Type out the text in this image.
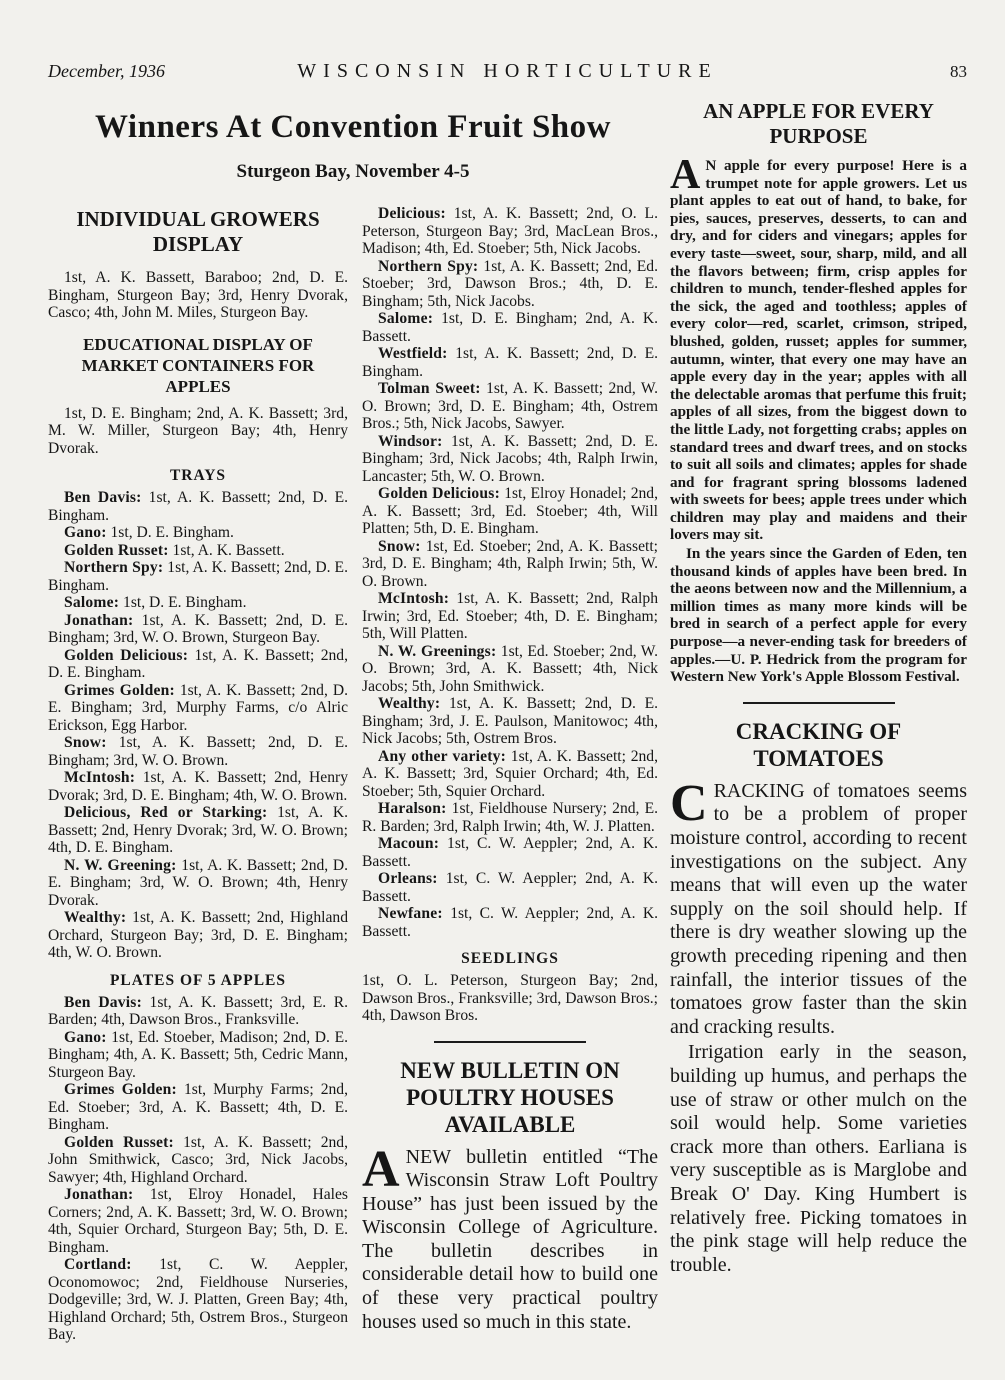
December, 1936	WISCONSIN HORTICULTURE	83
Winners At Convention Fruit Show
Sturgeon Bay, November 4-5
INDIVIDUAL GROWERS DISPLAY

1st, A. K. Bassett, Baraboo; 2nd, D. E. Bingham, Sturgeon Bay; 3rd, Henry Dvorak, Casco; 4th, John M. Miles, Sturgeon Bay.

EDUCATIONAL DISPLAY OF MARKET CONTAINERS FOR APPLES

1st, D. E. Bingham; 2nd, A. K. Bassett; 3rd, M. W. Miller, Sturgeon Bay; 4th, Henry Dvorak.

TRAYS

Ben Davis: 1st, A. K. Bassett; 2nd, D. E. Bingham.

Gano: 1st, D. E. Bingham.

Golden Russet: 1st, A. K. Bassett.

Northern Spy: 1st, A. K. Bassett; 2nd, D. E. Bingham.

Salome: 1st, D. E. Bingham.

Jonathan: 1st, A. K. Bassett; 2nd, D. E. Bingham; 3rd, W. O. Brown, Sturgeon Bay.

Golden Delicious: 1st, A. K. Bassett; 2nd, D. E. Bingham.

Grimes Golden: 1st, A. K. Bassett; 2nd, D. E. Bingham; 3rd, Murphy Farms, c/o Alric Erickson, Egg Harbor.

Snow: 1st, A. K. Bassett; 2nd, D. E. Bingham; 3rd, W. O. Brown.

McIntosh: 1st, A. K. Bassett; 2nd, Henry Dvorak; 3rd, D. E. Bingham; 4th, W. O. Brown.

Delicious, Red or Starking: 1st, A. K. Bassett; 2nd, Henry Dvorak; 3rd, W. O. Brown; 4th, D. E. Bingham.

N. W. Greening: 1st, A. K. Bassett; 2nd, D. E. Bingham; 3rd, W. O. Brown; 4th, Henry Dvorak.

Wealthy: 1st, A. K. Bassett; 2nd, Highland Orchard, Sturgeon Bay; 3rd, D. E. Bingham; 4th, W. O. Brown.

PLATES OF 5 APPLES

Ben Davis: 1st, A. K. Bassett; 3rd, E. R. Barden; 4th, Dawson Bros., Franksville.

Gano: 1st, Ed. Stoeber, Madison; 2nd, D. E. Bingham; 4th, A. K. Bassett; 5th, Cedric Mann, Sturgeon Bay.

Grimes Golden: 1st, Murphy Farms; 2nd, Ed. Stoeber; 3rd, A. K. Bassett; 4th, D. E. Bingham.

Golden Russet: 1st, A. K. Bassett; 2nd, John Smithwick, Casco; 3rd, Nick Jacobs, Sawyer; 4th, Highland Orchard.

Jonathan: 1st, Elroy Honadel, Hales Corners; 2nd, A. K. Bassett; 3rd, W. O. Brown; 4th, Squier Orchard, Sturgeon Bay; 5th, D. E. Bingham.

Cortland: 1st, C. W. Aeppler, Oconomowoc; 2nd, Fieldhouse Nurseries, Dodgeville; 3rd, W. J. Platten, Green Bay; 4th, Highland Orchard; 5th, Ostrem Bros., Sturgeon Bay.

Delicious: 1st, A. K. Bassett; 2nd, O. L. Peterson, Sturgeon Bay; 3rd, MacLean Bros., Madison; 4th, Ed. Stoeber; 5th, Nick Jacobs.

Northern Spy: 1st, A. K. Bassett; 2nd, Ed. Stoeber; 3rd, Dawson Bros.; 4th, D. E. Bingham; 5th, Nick Jacobs.

Salome: 1st, D. E. Bingham; 2nd, A. K. Bassett.

Westfield: 1st, A. K. Bassett; 2nd, D. E. Bingham.

Tolman Sweet: 1st, A. K. Bassett; 2nd, W. O. Brown; 3rd, D. E. Bingham; 4th, Ostrem Bros.; 5th, Nick Jacobs, Sawyer.

Windsor: 1st, A. K. Bassett; 2nd, D. E. Bingham; 3rd, Nick Jacobs; 4th, Ralph Irwin, Lancaster; 5th, W. O. Brown.

Golden Delicious: 1st, Elroy Honadel; 2nd, A. K. Bassett; 3rd, Ed. Stoeber; 4th, Will Platten; 5th, D. E. Bingham.

Snow: 1st, Ed. Stoeber; 2nd, A. K. Bassett; 3rd, D. E. Bingham; 4th, Ralph Irwin; 5th, W. O. Brown.

McIntosh: 1st, A. K. Bassett; 2nd, Ralph Irwin; 3rd, Ed. Stoeber; 4th, D. E. Bingham; 5th, Will Platten.

N. W. Greenings: 1st, Ed. Stoeber; 2nd, W. O. Brown; 3rd, A. K. Bassett; 4th, Nick Jacobs; 5th, John Smithwick.

Wealthy: 1st, A. K. Bassett; 2nd, D. E. Bingham; 3rd, J. E. Paulson, Manitowoc; 4th, Nick Jacobs; 5th, Ostrem Bros.

Any other variety: 1st, A. K. Bassett; 2nd, A. K. Bassett; 3rd, Squier Orchard; 4th, Ed. Stoeber; 5th, Squier Orchard.

Haralson: 1st, Fieldhouse Nursery; 2nd, E. R. Barden; 3rd, Ralph Irwin; 4th, W. J. Platten.

Macoun: 1st, C. W. Aeppler; 2nd, A. K. Bassett.

Orleans: 1st, C. W. Aeppler; 2nd, A. K. Bassett.

Newfane: 1st, C. W. Aeppler; 2nd, A. K. Bassett.

SEEDLINGS

1st, O. L. Peterson, Sturgeon Bay; 2nd, Dawson Bros., Franksville; 3rd, Dawson Bros.; 4th, Dawson Bros.

NEW BULLETIN ON POULTRY HOUSES AVAILABLE

ANEW bulletin entitled “The Wisconsin Straw Loft Poultry House” has just been issued by the Wisconsin College of Agriculture. The bulletin describes in considerable detail how to build one of these very practical poultry houses used so much in this state.

AN APPLE FOR EVERY PURPOSE

A N apple for every purpose! Here is a trumpet note for apple growers. Let us plant apples to eat out of hand, to bake, for pies, sauces, preserves, desserts, to can and dry, and for ciders and vinegars; apples for every taste—sweet, sour, sharp, mild, and all the flavors between; firm, crisp apples for children to munch, tender-fleshed apples for the sick, the aged and toothless; apples of every color—red, scarlet, crimson, striped, blushed, golden, russet; apples for summer, autumn, winter, that every one may have an apple every day in the year; apples with all the delectable aromas that perfume this fruit; apples of all sizes, from the biggest down to the little Lady, not forgetting crabs; apples on standard trees and dwarf trees, and on stocks to suit all soils and climates; apples for shade and for fragrant spring blossoms ladened with sweets for bees; apple trees under which children may play and maidens and their lovers may sit.

In the years since the Garden of Eden, ten thousand kinds of apples have been bred. In the aeons between now and the Millennium, a million times as many more kinds will be bred in search of a perfect apple for every purpose—a never-ending task for breeders of apples.—U. P. Hedrick from the program for Western New York's Apple Blossom Festival.

CRACKING OF TOMATOES

CRACKING of tomatoes seems to be a problem of proper moisture control, according to recent investigations on the subject. Any means that will even up the water supply on the soil should help. If there is dry weather slowing up the growth preceding ripening and then rainfall, the interior tissues of the tomatoes grow faster than the skin and cracking results.

Irrigation early in the season, building up humus, and perhaps the use of straw or other mulch on the soil would help. Some varieties crack more than others. Earliana is very susceptible as is Marglobe and Break O' Day. King Humbert is relatively free. Picking tomatoes in the pink stage will help reduce the trouble.
